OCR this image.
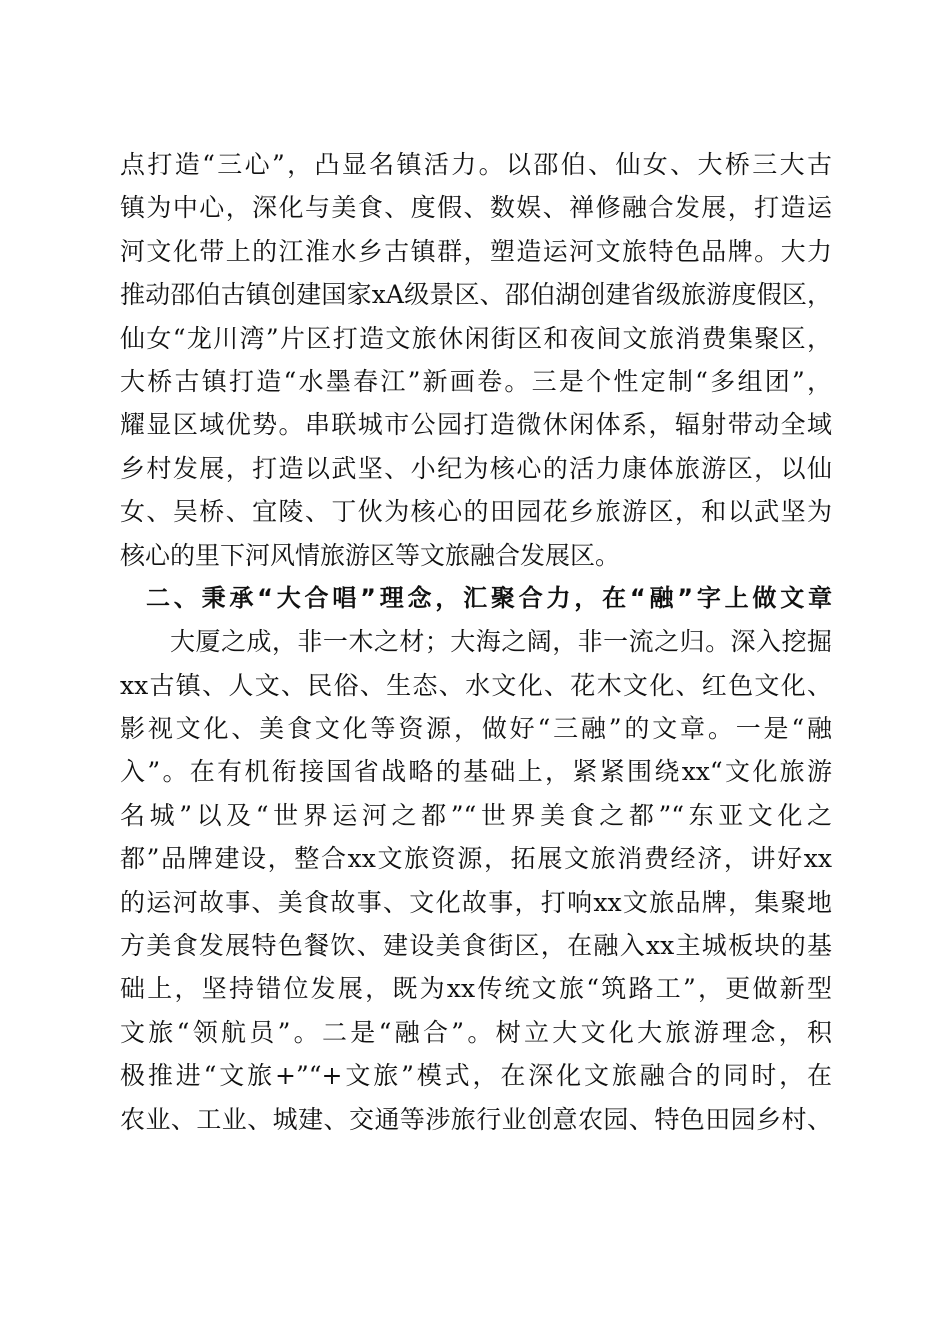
点打造“三心”，凸显名镇活力。以邵伯、仙女、大桥三大古
镇为中心，深化与美食、度假、数娱、禅修融合发展，打造运
河文化带上的江淮水乡古镇群，塑造运河文旅特色品牌。大力
推动邵伯古镇创建国家xA级景区、邵伯湖创建省级旅游度假区，
仙女“龙川湾”片区打造文旅休闲街区和夜间文旅消费集聚区，
大桥古镇打造“水墨春江”新画卷。三是个性定制“多组团”，
耀显区域优势。串联城市公园打造微休闲体系，辐射带动全域
乡村发展，打造以武坚、小纪为核心的活力康体旅游区，以仙
女、吴桥、宜陵、丁伙为核心的田园花乡旅游区，和以武坚为
核心的里下河风情旅游区等文旅融合发展区。
二、秉承“大合唱”理念，汇聚合力，在“融”字上做文章
大厦之成，非一木之材；大海之阔，非一流之归。深入挖掘
xx古镇、人文、民俗、生态、水文化、花木文化、红色文化、
影视文化、美食文化等资源，做好“三融”的文章。一是“融
入”。在有机衔接国省战略的基础上，紧紧围绕xx“文化旅游
名城”以及“世界运河之都”“世界美食之都”“东亚文化之
都”品牌建设，整合xx文旅资源，拓展文旅消费经济，讲好xx
的运河故事、美食故事、文化故事，打响xx文旅品牌，集聚地
方美食发展特色餐饮、建设美食街区，在融入xx主城板块的基
础上，坚持错位发展，既为xx传统文旅“筑路工”，更做新型
文旅“领航员”。二是“融合”。树立大文化大旅游理念，积
极推进“文旅+”“+文旅”模式，在深化文旅融合的同时，在
农业、工业、城建、交通等涉旅行业创意农园、特色田园乡村、
